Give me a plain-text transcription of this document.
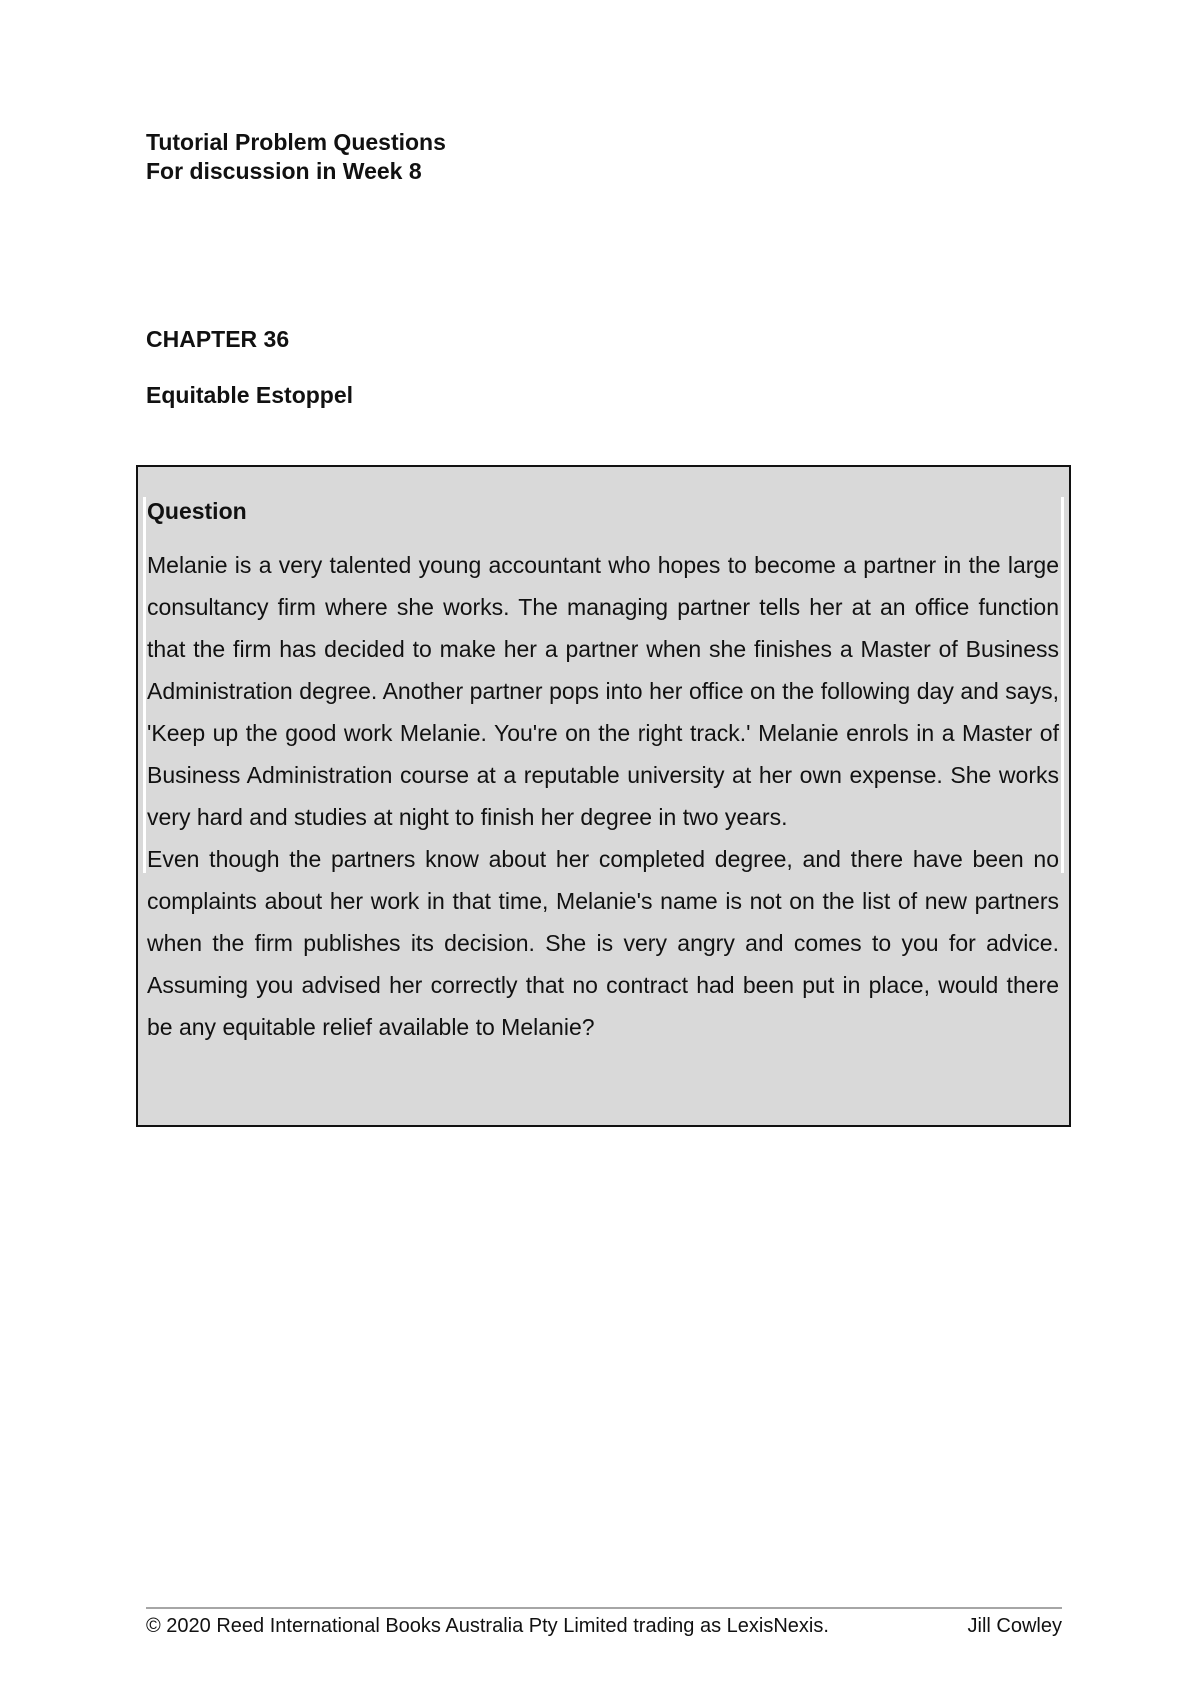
Tutorial Problem Questions
For discussion in Week 8
CHAPTER 36
Equitable Estoppel
Question

Melanie is a very talented young accountant who hopes to become a partner in the large consultancy firm where she works. The managing partner tells her at an office function that the firm has decided to make her a partner when she finishes a Master of Business Administration degree. Another partner pops into her office on the following day and says, 'Keep up the good work Melanie. You're on the right track.' Melanie enrols in a Master of Business Administration course at a reputable university at her own expense. She works very hard and studies at night to finish her degree in two years.

Even though the partners know about her completed degree, and there have been no complaints about her work in that time, Melanie's name is not on the list of new partners when the firm publishes its decision. She is very angry and comes to you for advice. Assuming you advised her correctly that no contract had been put in place, would there be any equitable relief available to Melanie?

© 2020 Reed International Books Australia Pty Limited trading as LexisNexis.	Jill Cowley
